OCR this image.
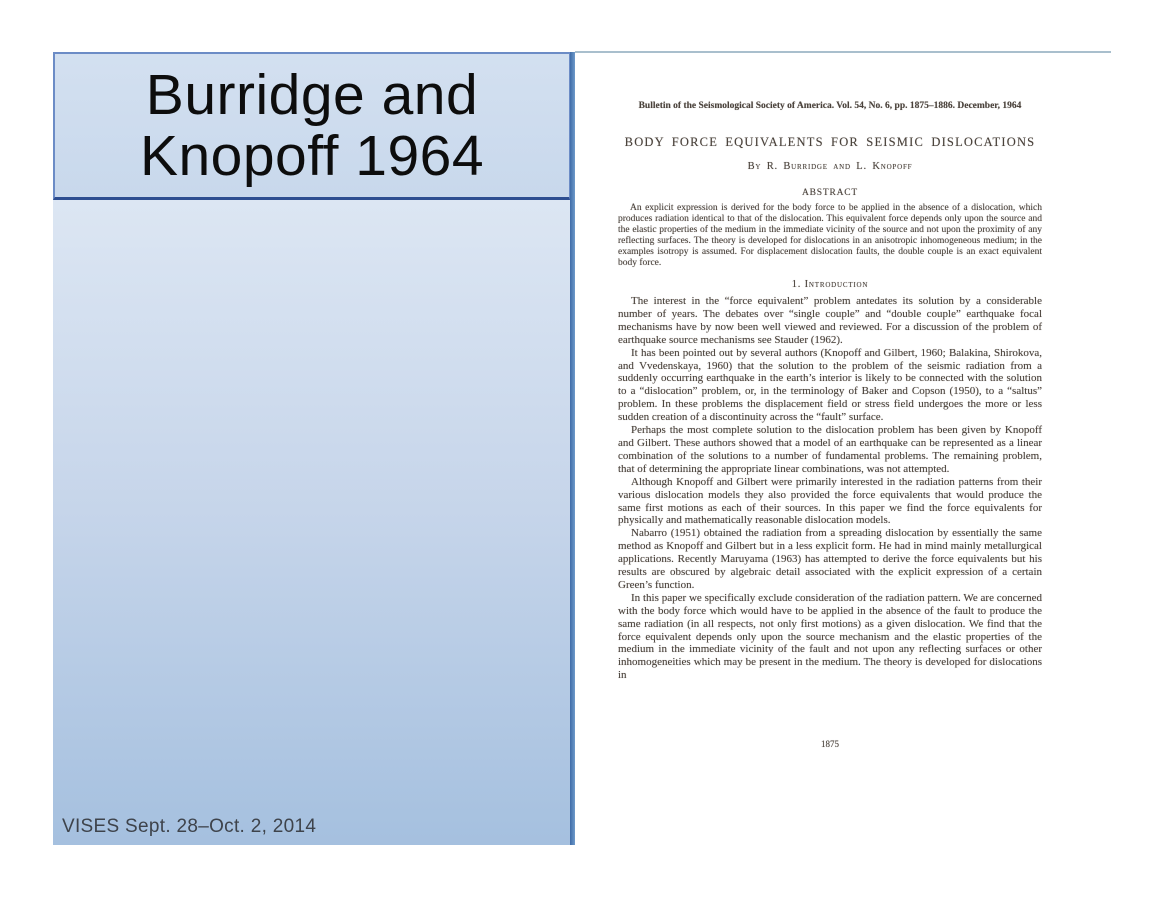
Burridge and
Knopoff 1964
VISES Sept. 28–Oct. 2, 2014
Bulletin of the Seismological Society of America. Vol. 54, No. 6, pp. 1875–1886. December, 1964
BODY FORCE EQUIVALENTS FOR SEISMIC DISLOCATIONS
By R. Burridge and L. Knopoff
ABSTRACT

An explicit expression is derived for the body force to be applied in the absence of a dislocation, which produces radiation identical to that of the dislocation. This equivalent force depends only upon the source and the elastic properties of the medium in the immediate vicinity of the source and not upon the proximity of any reflecting surfaces. The theory is developed for dislocations in an anisotropic inhomogeneous medium; in the examples isotropy is assumed. For displacement dislocation faults, the double couple is an exact equivalent body force.

1. Introduction

The interest in the “force equivalent” problem antedates its solution by a considerable number of years. The debates over “single couple” and “double couple” earthquake focal mechanisms have by now been well viewed and reviewed. For a discussion of the problem of earthquake source mechanisms see Stauder (1962).

It has been pointed out by several authors (Knopoff and Gilbert, 1960; Balakina, Shirokova, and Vvedenskaya, 1960) that the solution to the problem of the seismic radiation from a suddenly occurring earthquake in the earth’s interior is likely to be connected with the solution to a “dislocation” problem, or, in the terminology of Baker and Copson (1950), to a “saltus” problem. In these problems the displacement field or stress field undergoes the more or less sudden creation of a discontinuity across the “fault” surface.

Perhaps the most complete solution to the dislocation problem has been given by Knopoff and Gilbert. These authors showed that a model of an earthquake can be represented as a linear combination of the solutions to a number of fundamental problems. The remaining problem, that of determining the appropriate linear combinations, was not attempted.

Although Knopoff and Gilbert were primarily interested in the radiation patterns from their various dislocation models they also provided the force equivalents that would produce the same first motions as each of their sources. In this paper we find the force equivalents for physically and mathematically reasonable dislocation models.

Nabarro (1951) obtained the radiation from a spreading dislocation by essentially the same method as Knopoff and Gilbert but in a less explicit form. He had in mind mainly metallurgical applications. Recently Maruyama (1963) has attempted to derive the force equivalents but his results are obscured by algebraic detail associated with the explicit expression of a certain Green’s function.

In this paper we specifically exclude consideration of the radiation pattern. We are concerned with the body force which would have to be applied in the absence of the fault to produce the same radiation (in all respects, not only first motions) as a given dislocation. We find that the force equivalent depends only upon the source mechanism and the elastic properties of the medium in the immediate vicinity of the fault and not upon any reflecting surfaces or other inhomogeneities which may be present in the medium. The theory is developed for dislocations in

1875
